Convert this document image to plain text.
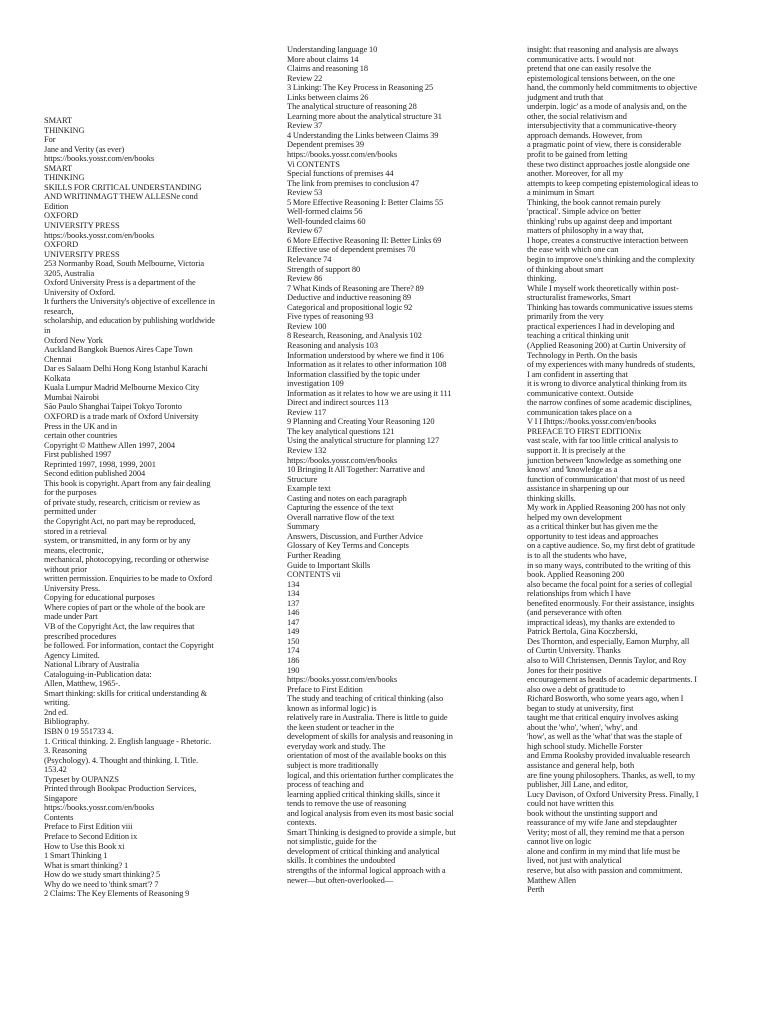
SMART
THINKING
For
Jane and Verity (as ever)
https://books.yossr.com/en/books
SMART
THINKING
SKILLS FOR CRITICAL UNDERSTANDING
AND WRITINMAGT THEW ALLESNe cond
Edition
OXFORD
UNIVERSITY PRESS
https://books.yossr.com/en/books
OXFORD
UNIVERSITY PRESS
253 Normanby Road, South Melbourne, Victoria
3205, Australia
Oxford University Press is a department of the
University of Oxford.
It furthers the University's objective of excellence in
research,
scholarship, and education by publishing worldwide
in
Oxford New York
Auckland Bangkok Buenos Aires Cape Town
Chennai
Dar es Salaam Delhi Hong Kong Istanbul Karachi
Kolkata
Kuala Lumpur Madrid Melbourne Mexico City
Mumbai Nairobi
São Paulo Shanghai Taipei Tokyo Toronto
OXFORD is a trade mark of Oxford University
Press in the UK and in
certain other countries
Copyright © Matthew Allen 1997, 2004
First published 1997
Reprinted 1997, 1998, 1999, 2001
Second edition published 2004
This book is copyright. Apart from any fair dealing
for the purposes
of private study, research, criticism or review as
permitted under
the Copyright Act, no part may be reproduced,
stored in a retrieval
system, or transmitted, in any form or by any
means, electronic,
mechanical, photocopying, recording or otherwise
without prior
written permission. Enquiries to be made to Oxford
University Press.
Copying for educational purposes
Where copies of part or the whole of the book are
made under Part
VB of the Copyright Act, the law requires that
prescribed procedures
be followed. For information, contact the Copyright
Agency Limited.
National Library of Australia
Cataloguing-in-Publication data:
Allen, Matthew, 1965-.
Smart thinking: skills for critical understanding &
writing.
2nd ed.
Bibliography.
ISBN 0 19 551733 4.
1. Critical thinking. 2. English language - Rhetoric.
3. Reasoning
(Psychology). 4. Thought and thinking. I. Title.
153.42
Typeset by OUPANZS
Printed through Bookpac Production Services,
Singapore
https://books.yossr.com/en/books
Contents
Preface to First Edition viii
Preface to Second Edition ix
How to Use this Book xi
1 Smart Thinking 1
What is smart thinking? 1
How do we study smart thinking? 5
Why do we need to 'think smart'? 7
2 Claims: The Key Elements of Reasoning 9
Understanding language 10
More about claims 14
Claims and reasoning 18
Review 22
3 Linking: The Key Process in Reasoning 25
Links between claims 26
The analytical structure of reasoning 28
Learning more about the analytical structure 31
Review 37
4 Understanding the Links between Claims 39
Dependent premises 39
https://books.yossr.com/en/books
Vi CONTENTS
Special functions of premises 44
The link from premises to conclusion 47
Review 53
5 More Effective Reasoning I: Better Claims 55
Well-formed claims 56
Well-founded claims 60
Review 67
6 More Effective Reasoning II: Better Links 69
Effective use of dependent premises 70
Relevance 74
Strength of support 80
Review 86
7 What Kinds of Reasoning are There? 89
Deductive and inductive reasoning 89
Categorical and propositional logic 92
Five types of reasoning 93
Review 100
8 Research, Reasoning, and Analysis 102
Reasoning and analysis 103
Information understood by where we find it 106
Information as it relates to other information 108
Information classified by the topic under
investigation 109
Information as it relates to how we are using it 111
Direct and indirect sources 113
Review 117
9 Planning and Creating Your Reasoning 120
The key analytical questions 121
Using the analytical structure for planning 127
Review 132
https://books.yossr.com/en/books
10 Bringing It All Together: Narrative and
Structure
Example text
Casting and notes on each paragraph
Capturing the essence of the text
Overall narrative flow of the text
Summary
Answers, Discussion, and Further Advice
Glossary of Key Terms and Concepts
Further Reading
Guide to Important Skills
CONTENTS vii
134
134
137
146
147
149
150
174
186
190
https://books.yossr.com/en/books
Preface to First Edition
The study and teaching of critical thinking (also
known as informal logic) is
relatively rare in Australia. There is little to guide
the keen student or teacher in the
development of skills for analysis and reasoning in
everyday work and study. The
orientation of most of the available books on this
subject is more traditionally
logical, and this orientation further complicates the
process of teaching and
learning applied critical thinking skills, since it
tends to remove the use of reasoning
and logical analysis from even its most basic social
contexts.
Smart Thinking is designed to provide a simple, but
not simplistic, guide for the
development of critical thinking and analytical
skills. It combines the undoubted
strengths of the informal logical approach with a
newer—but often-overlooked—
insight: that reasoning and analysis are always
communicative acts. I would not
pretend that one can easily resolve the
epistemological tensions between, on the one
hand, the commonly held commitments to objective
judgment and truth that
underpin. logic' as a mode of analysis and, on the
other, the social relativism and
intersubjectivity that a communicative-theory
approach demands. However, from
a pragmatic point of view, there is considerable
profit to be gained from letting
these two distinct approaches jostle alongside one
another. Moreover, for all my
attempts to keep competing epistemological ideas to
a minimum in Smart
Thinking, the book cannot remain purely
'practical'. Simple advice on 'better
thinking' rubs up against deep and important
matters of philosophy in a way that,
I hope, creates a constructive interaction between
the ease with which one can
begin to improve one's thinking and the complexity
of thinking about smart
thinking.
While I myself work theoretically within post-
structuralist frameworks, Smart
Thinking has towards communicative issues stems
primarily from the very
practical experiences I had in developing and
teaching a critical thinking unit
(Applied Reasoning 200) at Curtin University of
Technology in Perth. On the basis
of my experiences with many hundreds of students,
I am confident in asserting that
it is wrong to divorce analytical thinking from its
communicative context. Outside
the narrow confines of some academic disciplines,
communication takes place on a
V I I Ihttps://books.yossr.com/en/books
PREFACE TO FIRST EDITIONix
vast scale, with far too little critical analysis to
support it. It is precisely at the
junction between 'knowledge as something one
knows' and 'knowledge as a
function of communication' that most of us need
assistance in sharpening up our
thinking skills.
My work in Applied Reasoning 200 has not only
helped my own development
as a critical thinker but has given me the
opportunity to test ideas and approaches
on a captive audience. So, my first debt of gratitude
is to all the students who have,
in so many ways, contributed to the writing of this
book. Applied Reasoning 200
also became the focal point for a series of collegial
relationships from which I have
benefited enormously. For their assistance, insights
(and perseverance with often
impractical ideas), my thanks are extended to
Patrick Bertola, Gina Koczberski,
Des Thornton, and especially, Eamon Murphy, all
of Curtin University. Thanks
also to Will Christensen, Dennis Taylor, and Roy
Jones for their positive
encouragement as heads of academic departments. I
also owe a debt of gratitude to
Richard Bosworth, who some years ago, when I
began to study at university, first
taught me that critical enquiry involves asking
about the 'who', 'when', 'why', and
'how', as well as the 'what' that was the staple of
high school study. Michelle Forster
and Emma Rooksby provided invaluable research
assistance and general help, both
are fine young philosophers. Thanks, as well, to my
publisher, Jill Lane, and editor,
Lucy Davison, of Oxford University Press. Finally, I
could not have written this
book without the unstinting support and
reassurance of my wife Jane and stepdaughter
Verity; most of all, they remind me that a person
cannot live on logic
alone and confirm in my mind that life must be
lived, not just with analytical
reserve, but also with passion and commitment.
Matthew Allen
Perth
